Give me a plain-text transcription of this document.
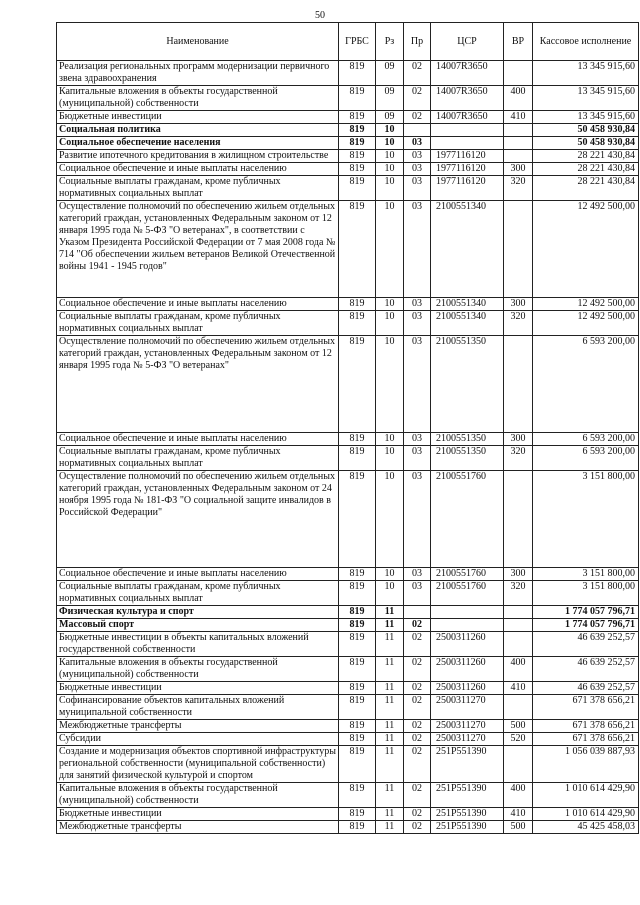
50
Наименование	ГРБС	Рз	Пр	ЦСР	ВР	Кассовое исполнение
Реализация региональных программ модернизации первичного звена здравоохранения	819	09	02	14007R3650		13 345 915,60
Капитальные вложения в объекты государственной (муниципальной) собственности	819	09	02	14007R3650	400	13 345 915,60
Бюджетные инвестиции	819	09	02	14007R3650	410	13 345 915,60
Социальная политика	819	10				50 458 930,84
Социальное обеспечение населения	819	10	03			50 458 930,84
Развитие ипотечного кредитования в жилищном строительстве	819	10	03	1977116120		28 221 430,84
Социальное обеспечение и иные выплаты населению	819	10	03	1977116120	300	28 221 430,84
Социальные выплаты гражданам, кроме публичных нормативных социальных выплат	819	10	03	1977116120	320	28 221 430,84
Осуществление полномочий по обеспечению жильем отдельных категорий граждан, установленных Федеральным законом от 12 января 1995 года № 5-ФЗ "О ветеранах", в соответствии с Указом Президента Российской Федерации от 7 мая 2008 года № 714 "Об обеспечении жильем ветеранов Великой Отечественной войны 1941 - 1945 годов"	819	10	03	2100551340		12 492 500,00
Социальное обеспечение и иные выплаты населению	819	10	03	2100551340	300	12 492 500,00
Социальные выплаты гражданам, кроме публичных нормативных социальных выплат	819	10	03	2100551340	320	12 492 500,00
Осуществление полномочий по обеспечению жильем отдельных категорий граждан, установленных Федеральным законом от 12 января 1995 года № 5-ФЗ "О ветеранах"	819	10	03	2100551350		6 593 200,00
Социальное обеспечение и иные выплаты населению	819	10	03	2100551350	300	6 593 200,00
Социальные выплаты гражданам, кроме публичных нормативных социальных выплат	819	10	03	2100551350	320	6 593 200,00
Осуществление полномочий по обеспечению жильем отдельных категорий граждан, установленных Федеральным законом от 24 ноября 1995 года № 181-ФЗ "О социальной защите инвалидов в Российской Федерации"	819	10	03	2100551760		3 151 800,00
Социальное обеспечение и иные выплаты населению	819	10	03	2100551760	300	3 151 800,00
Социальные выплаты гражданам, кроме публичных нормативных социальных выплат	819	10	03	2100551760	320	3 151 800,00
Физическая культура и спорт	819	11				1 774 057 796,71
Массовый спорт	819	11	02			1 774 057 796,71
Бюджетные инвестиции в объекты капитальных вложений государственной собственности	819	11	02	2500311260		46 639 252,57
Капитальные вложения в объекты государственной (муниципальной) собственности	819	11	02	2500311260	400	46 639 252,57
Бюджетные инвестиции	819	11	02	2500311260	410	46 639 252,57
Софинансирование объектов капитальных вложений муниципальной собственности	819	11	02	2500311270		671 378 656,21
Межбюджетные трансферты	819	11	02	2500311270	500	671 378 656,21
Субсидии	819	11	02	2500311270	520	671 378 656,21
Создание и модернизация объектов спортивной инфраструктуры региональной собственности (муниципальной собственности) для занятий физической культурой и спортом	819	11	02	251P551390		1 056 039 887,93
Капитальные вложения в объекты государственной (муниципальной) собственности	819	11	02	251P551390	400	1 010 614 429,90
Бюджетные инвестиции	819	11	02	251P551390	410	1 010 614 429,90
Межбюджетные трансферты	819	11	02	251P551390	500	45 425 458,03
